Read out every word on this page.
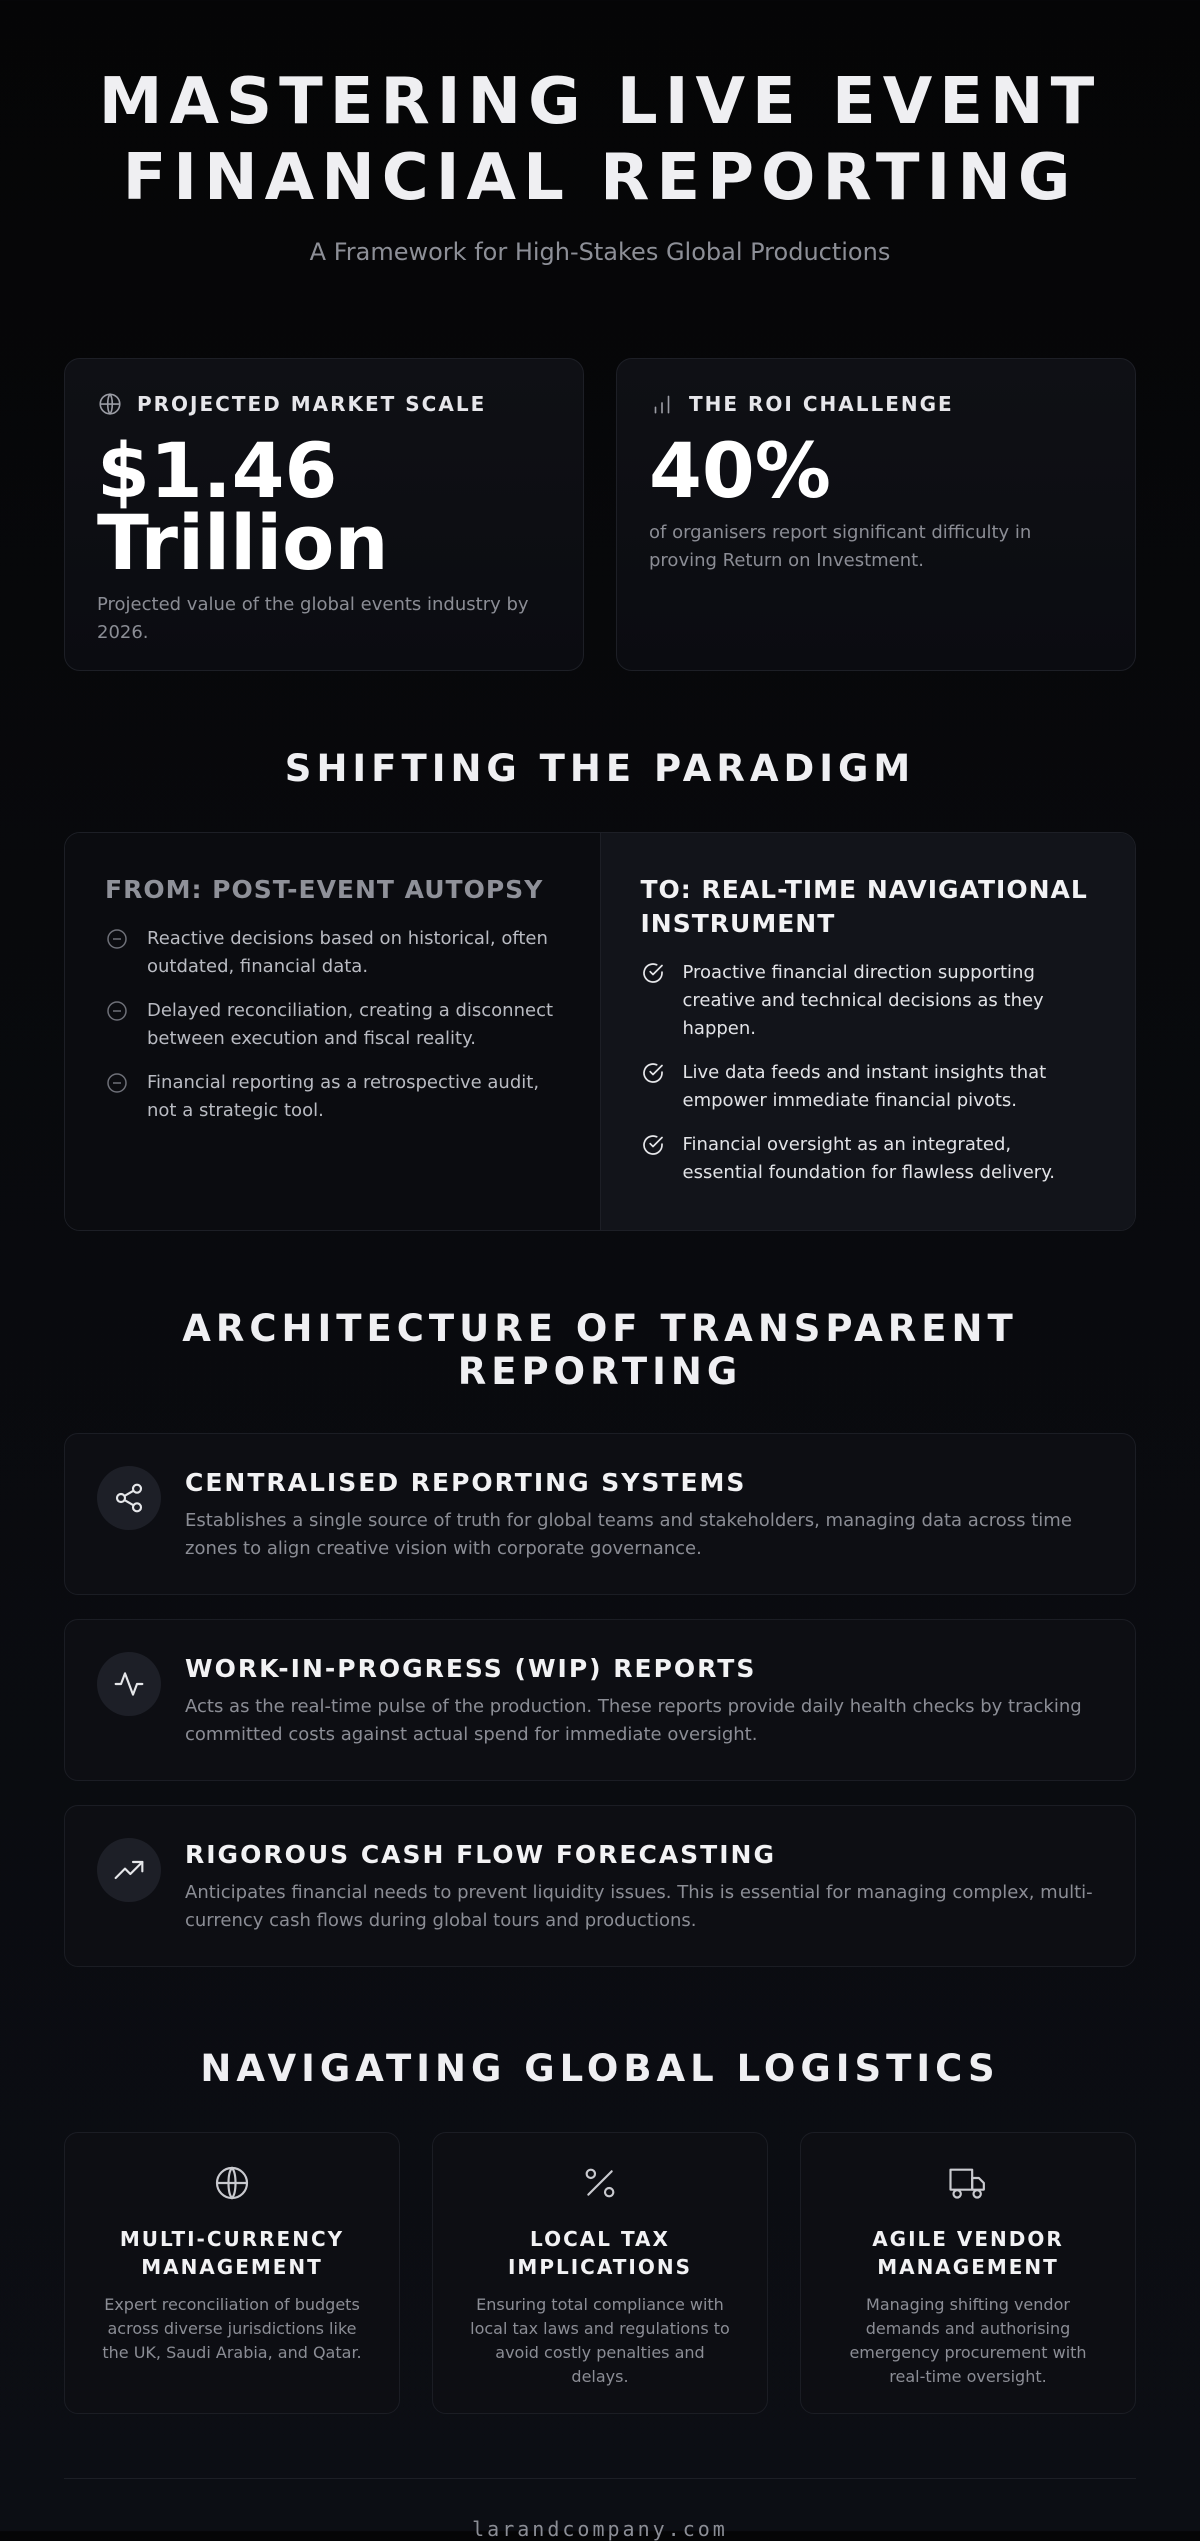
MASTERING LIVE EVENT
FINANCIAL REPORTING

A Framework for High-Stakes Global Productions

PROJECTED MARKET SCALE
$1.46
Trillion

Projected value of the global events industry by 2026.

THE ROI CHALLENGE
40%

of organisers report significant difficulty in proving Return on Investment.

SHIFTING THE PARADIGM
FROM: POST-EVENT AUTOPSY
Reactive decisions based on historical, often outdated, financial data.
Delayed reconciliation, creating a disconnect between execution and fiscal reality.
Financial reporting as a retrospective audit, not a strategic tool.
TO: REAL-TIME NAVIGATIONAL INSTRUMENT
Proactive financial direction supporting creative and technical decisions as they happen.
Live data feeds and instant insights that empower immediate financial pivots.
Financial oversight as an integrated, essential foundation for flawless delivery.
ARCHITECTURE OF TRANSPARENT REPORTING
CENTRALISED REPORTING SYSTEMS

Establishes a single source of truth for global teams and stakeholders, managing data across time zones to align creative vision with corporate governance.

WORK-IN-PROGRESS (WIP) REPORTS

Acts as the real-time pulse of the production. These reports provide daily health checks by tracking committed costs against actual spend for immediate oversight.

RIGOROUS CASH FLOW FORECASTING

Anticipates financial needs to prevent liquidity issues. This is essential for managing complex, multi-currency cash flows during global tours and productions.

NAVIGATING GLOBAL LOGISTICS
MULTI-CURRENCY MANAGEMENT

Expert reconciliation of budgets across diverse jurisdictions like the UK, Saudi Arabia, and Qatar.

LOCAL TAX IMPLICATIONS

Ensuring total compliance with local tax laws and regulations to avoid costly penalties and delays.

AGILE VENDOR MANAGEMENT

Managing shifting vendor demands and authorising emergency procurement with real-time oversight.

larandcompany.com
